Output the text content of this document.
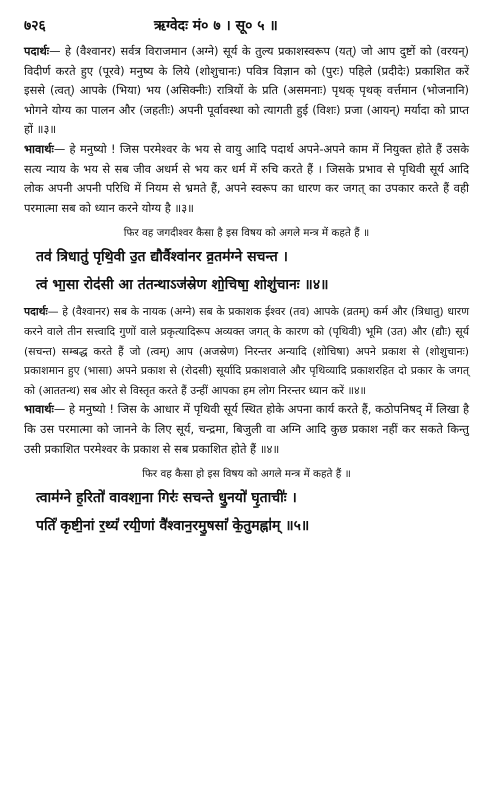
७२६	ऋग्वेदः मं० ७ । सू० ५ ॥

पदार्थः— हे (वैश्वानर) सर्वत्र विराजमान (अग्ने) सूर्य के तुल्य प्रकाशस्वरूप (यत्) जो आप दुष्टों को (वरयन्) विदीर्ण करते हुए (पूरवे) मनुष्य के लिये (शोशुचानः) पवित्र विज्ञान को (पुरः) पहिले (प्रदीदेः) प्रकाशित करें इससे (त्वत्) आपके (भिया) भय (असिक्नीः) रात्रियों के प्रति (असमनाः) पृथक् पृथक् वर्त्तमान (भोजनानि) भोगने योग्य का पालन और (जहतीः) अपनी पूर्वावस्था को त्यागती हुई (विशः) प्रजा (आयन्) मर्यादा को प्राप्त हों ॥३॥

भावार्थः— हे मनुष्यो ! जिस परमेश्वर के भय से वायु आदि पदार्थ अपने-अपने काम में नियुक्त होते हैं उसके सत्य न्याय के भय से सब जीव अधर्म से भय कर धर्म में रुचि करते हैं । जिसके प्रभाव से पृथिवी सूर्य आदि लोक अपनी अपनी परिधि में नियम से भ्रमते हैं, अपने स्वरूप का धारण कर जगत् का उपकार करते हैं वही परमात्मा सब को ध्यान करने योग्य है ॥३॥

फिर वह जगदीश्वर कैसा है इस विषय को अगले मन्त्र में कहते हैं ॥
तव॑ त्रिधातु॑ पृथि॒वी उ॒त द्यौर्वैश्वा॑नर व्र॒तम॑ग्ने सचन्त ।
त्वं भा॒सा रोद॑सी आ त॑तन्थाऽज॑स्रेण शो॒चिषा॒ शोशु॑चानः ॥४॥

पदार्थः— हे (वैश्वानर) सब के नायक (अग्ने) सब के प्रकाशक ईश्वर (तव) आपके (व्रतम्) कर्म और (त्रिधातु) धारण करने वाले तीन सत्त्वादि गुणों वाले प्रकृत्यादिरूप अव्यक्त जगत् के कारण को (पृथिवी) भूमि (उत) और (द्यौः) सूर्य (सचन्त) सम्बद्ध करते हैं जो (त्वम्) आप (अजस्रेण) निरन्तर अन्यादि (शोचिषा) अपने प्रकाश से (शोशुचानः) प्रकाशमान हुए (भासा) अपने प्रकाश से (रोदसी) सूर्यादि प्रकाशवाले और पृथिव्यादि प्रकाशरहित दो प्रकार के जगत् को (आततन्थ) सब ओर से विस्तृत करते हैं उन्हीं आपका हम लोग निरन्तर ध्यान करें ॥४॥

भावार्थः— हे मनुष्यो ! जिस के आधार में पृथिवी सूर्य स्थित होके अपना कार्य करते हैं, कठोपनिषद् में लिखा है कि उस परमात्मा को जानने के लिए सूर्य, चन्द्रमा, बिजुली वा अग्नि आदि कुछ प्रकाश नहीं कर सकते किन्तु उसी प्रकाशित परमेश्वर के प्रकाश से सब प्रकाशित होते हैं ॥४॥

फिर वह कैसा हो इस विषय को अगले मन्त्र में कहते हैं ॥
त्वाम॑ग्ने ह॒रितो॑ वावशा॒ना गिरः॑ सचन्ते धु॒नयो॑ घृ॒ताचीः॑ ।
पतिं॑ कृष्टी॒नां र॒थ्यं॑ रयी॒णां वै॑श्वान॒रमु॒षसां॑ के॒तुमह्ना॑म् ॥५॥
